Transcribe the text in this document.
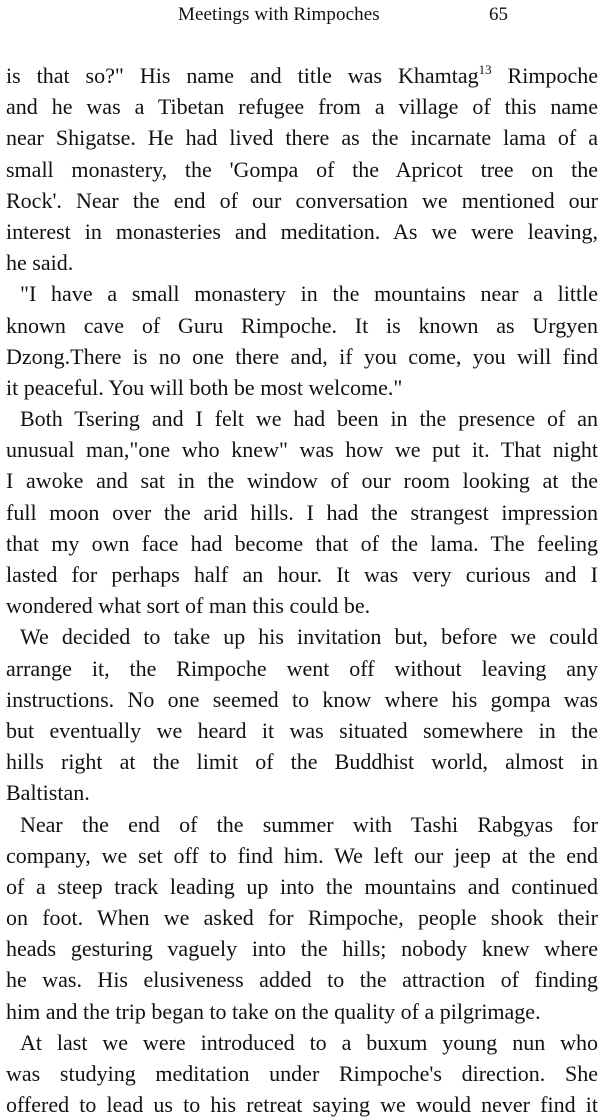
Meetings with Rimpoches	65
is that so?" His name and title was Khamtag$^{13}$ Rimpoche
and he was a Tibetan refugee from a village of this name
near Shigatse. He had lived there as the incarnate lama of a
small monastery, the 'Gompa of the Apricot tree on the
Rock'. Near the end of our conversation we mentioned our
interest in monasteries and meditation. As we were leaving,
he said.
"I have a small monastery in the mountains near a little
known cave of Guru Rimpoche. It is known as Urgyen
Dzong.There is no one there and, if you come, you will find
it peaceful. You will both be most welcome."
Both Tsering and I felt we had been in the presence of an
unusual man,"one who knew" was how we put it. That night
I awoke and sat in the window of our room looking at the
full moon over the arid hills. I had the strangest impression
that my own face had become that of the lama. The feeling
lasted for perhaps half an hour. It was very curious and I
wondered what sort of man this could be.
We decided to take up his invitation but, before we could
arrange it, the Rimpoche went off without leaving any
instructions. No one seemed to know where his gompa was
but eventually we heard it was situated somewhere in the
hills right at the limit of the Buddhist world, almost in
Baltistan.
Near the end of the summer with Tashi Rabgyas for
company, we set off to find him. We left our jeep at the end
of a steep track leading up into the mountains and continued
on foot. When we asked for Rimpoche, people shook their
heads gesturing vaguely into the hills; nobody knew where
he was. His elusiveness added to the attraction of finding
him and the trip began to take on the quality of a pilgrimage.
At last we were introduced to a buxum young nun who
was studying meditation under Rimpoche's direction. She
offered to lead us to his retreat saying we would never find it
